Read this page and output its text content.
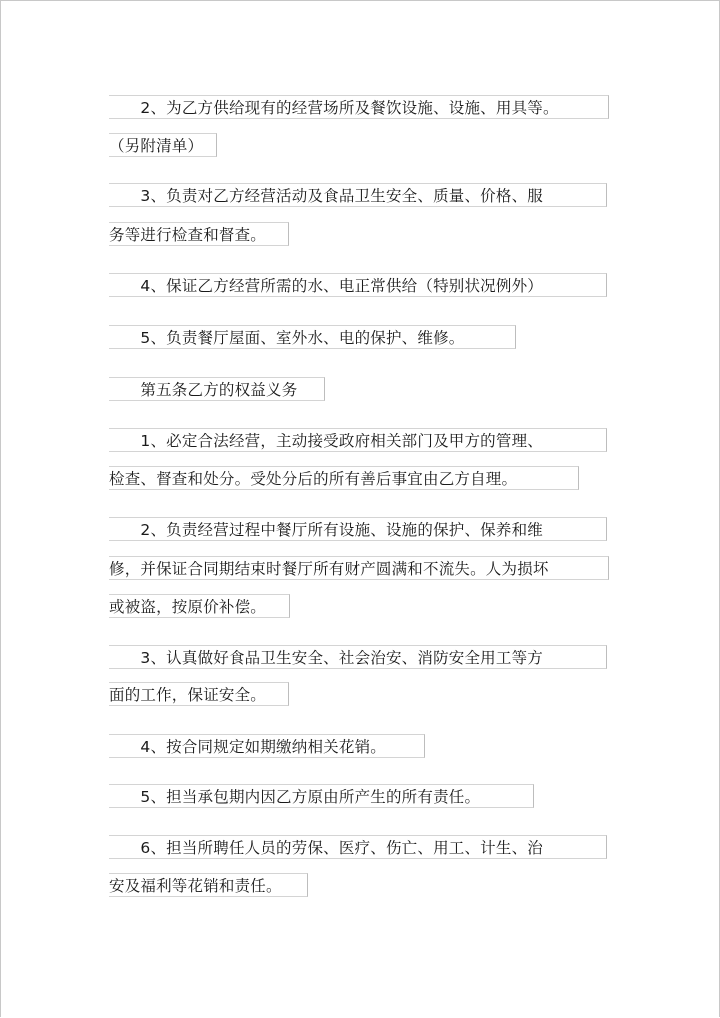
　　2、为乙方供给现有的经营场所及餐饮设施、设施、用具等。
（另附清单）
　　3、负责对乙方经营活动及食品卫生安全、质量、价格、服
务等进行检查和督查。
　　4、保证乙方经营所需的水、电正常供给（特别状况例外）
　　5、负责餐厅屋面、室外水、电的保护、维修。
　　第五条乙方的权益义务
　　1、必定合法经营，主动接受政府相关部门及甲方的管理、
检查、督查和处分。受处分后的所有善后事宜由乙方自理。
　　2、负责经营过程中餐厅所有设施、设施的保护、保养和维
修，并保证合同期结束时餐厅所有财产圆满和不流失。人为损坏
或被盗，按原价补偿。
　　3、认真做好食品卫生安全、社会治安、消防安全用工等方
面的工作，保证安全。
　　4、按合同规定如期缴纳相关花销。
　　5、担当承包期内因乙方原由所产生的所有责任。
　　6、担当所聘任人员的劳保、医疗、伤亡、用工、计生、治
安及福利等花销和责任。
